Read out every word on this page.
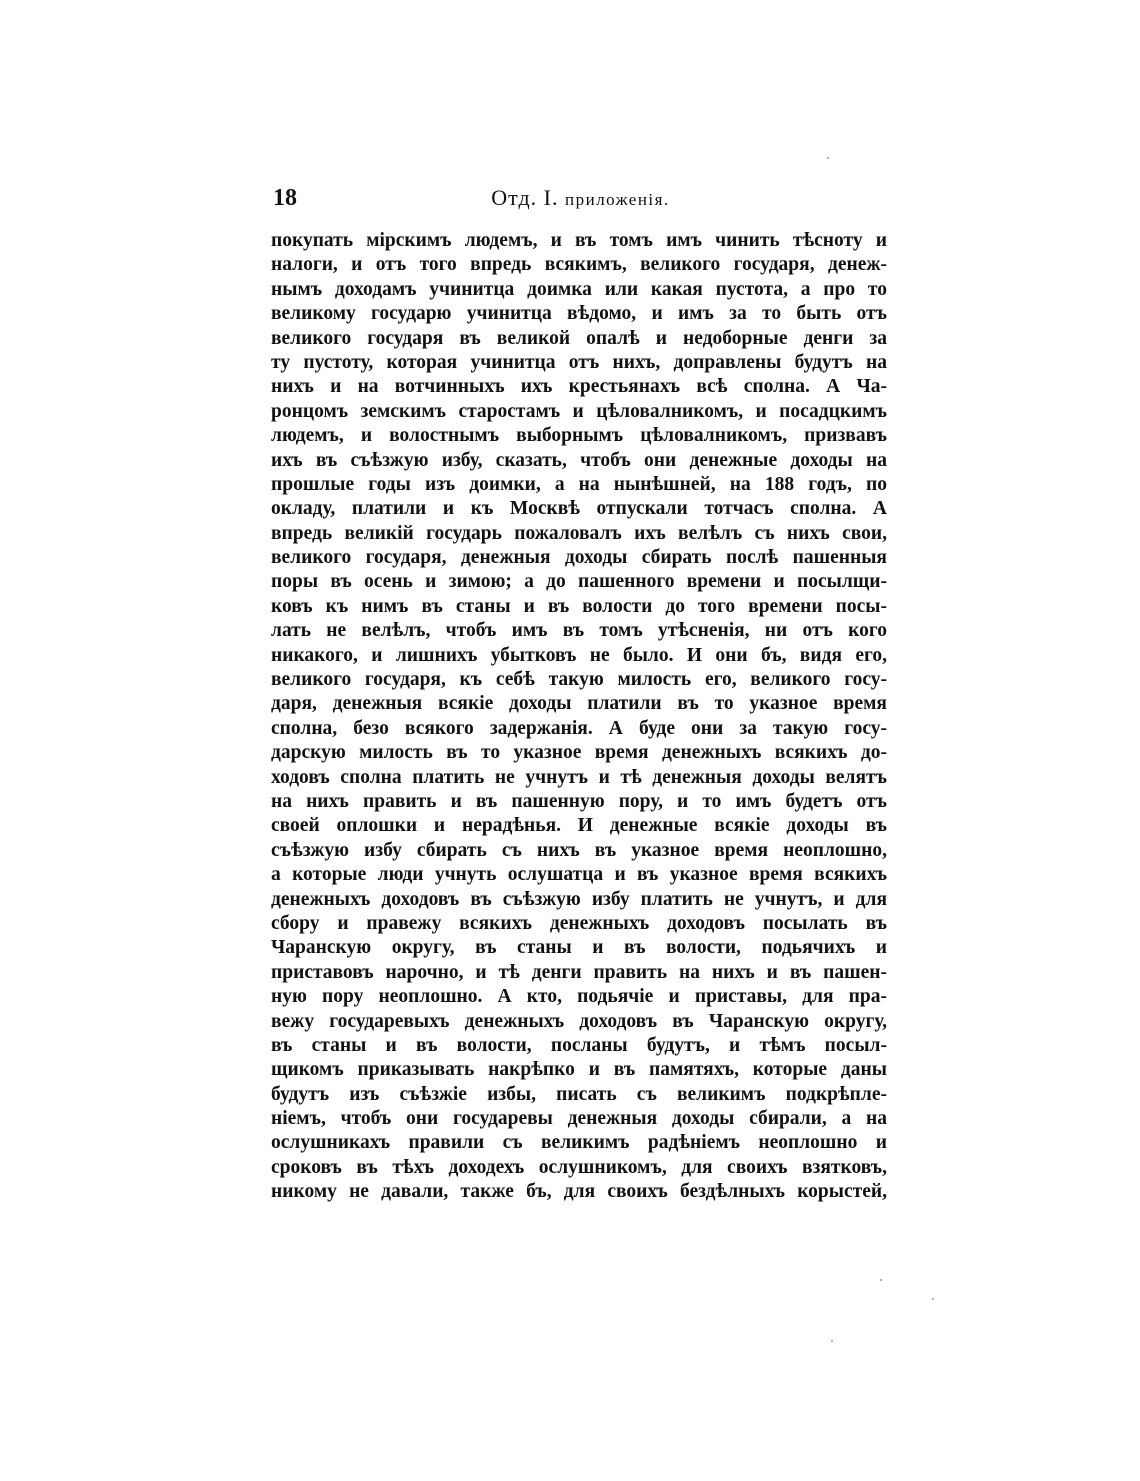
18	Отд. I. приложенія.
покупать мірскимъ людемъ, и въ томъ имъ чинить тѣсноту и
налоги, и отъ того впредь всякимъ, великого государя, денеж-
нымъ доходамъ учинитца доимка или какая пустота, а про то
великому государю учинитца вѣдомо, и имъ за то быть отъ
великого государя въ великой опалѣ и недоборные денги за
ту пустоту, которая учинитца отъ нихъ, доправлены будутъ на
нихъ и на вотчинныхъ ихъ крестьянахъ всѣ сполна. А Ча-
ронцомъ земскимъ старостамъ и цѣловалникомъ, и посадцкимъ
людемъ, и волостнымъ выборнымъ цѣловалникомъ, призвавъ
ихъ въ съѣзжую избу, сказать, чтобъ они денежные доходы на
прошлые годы изъ доимки, а на нынѣшней, на 188 годъ, по
окладу, платили и къ Москвѣ отпускали тотчасъ сполна. А
впредь великій государь пожаловалъ ихъ велѣлъ съ нихъ свои,
великого государя, денежныя доходы сбирать послѣ пашенныя
поры въ осень и зимою; а до пашенного времени и посылщи-
ковъ къ нимъ въ станы и въ волости до того времени посы-
лать не велѣлъ, чтобъ имъ въ томъ утѣсненія, ни отъ кого
никакого, и лишнихъ убытковъ не было. И они бъ, видя его,
великого государя, къ себѣ такую милость его, великого госу-
даря, денежныя всякіе доходы платили въ то указное время
сполна, безо всякого задержанія. А буде они за такую госу-
дарскую милость въ то указное время денежныхъ всякихъ до-
ходовъ сполна платить не учнутъ и тѣ денежныя доходы велятъ
на нихъ править и въ пашенную пору, и то имъ будетъ отъ
своей оплошки и нерадѣнья. И денежные всякіе доходы въ
съѣзжую избу сбирать съ нихъ въ указное время неоплошно,
а которые люди учнуть ослушатца и въ указное время всякихъ
денежныхъ доходовъ въ съѣзжую избу платить не учнутъ, и для
сбору и правежу всякихъ денежныхъ доходовъ посылать въ
Чаранскую округу, въ станы и въ волости, подьячихъ и
приставовъ нарочно, и тѣ денги править на нихъ и въ пашен-
ную пору неоплошно. А кто, подьячіе и приставы, для пра-
вежу государевыхъ денежныхъ доходовъ въ Чаранскую округу,
въ станы и въ волости, посланы будутъ, и тѣмъ посыл-
щикомъ приказывать накрѣпко и въ памятяхъ, которые даны
будутъ изъ съѣзжіе избы, писать съ великимъ подкрѣпле-
ніемъ, чтобъ они государевы денежныя доходы сбирали, а на
ослушникахъ правили съ великимъ радѣніемъ неоплошно и
сроковъ въ тѣхъ доходехъ ослушникомъ, для своихъ взятковъ,
никому не давали, также бъ, для своихъ бездѣлныхъ корыстей,
